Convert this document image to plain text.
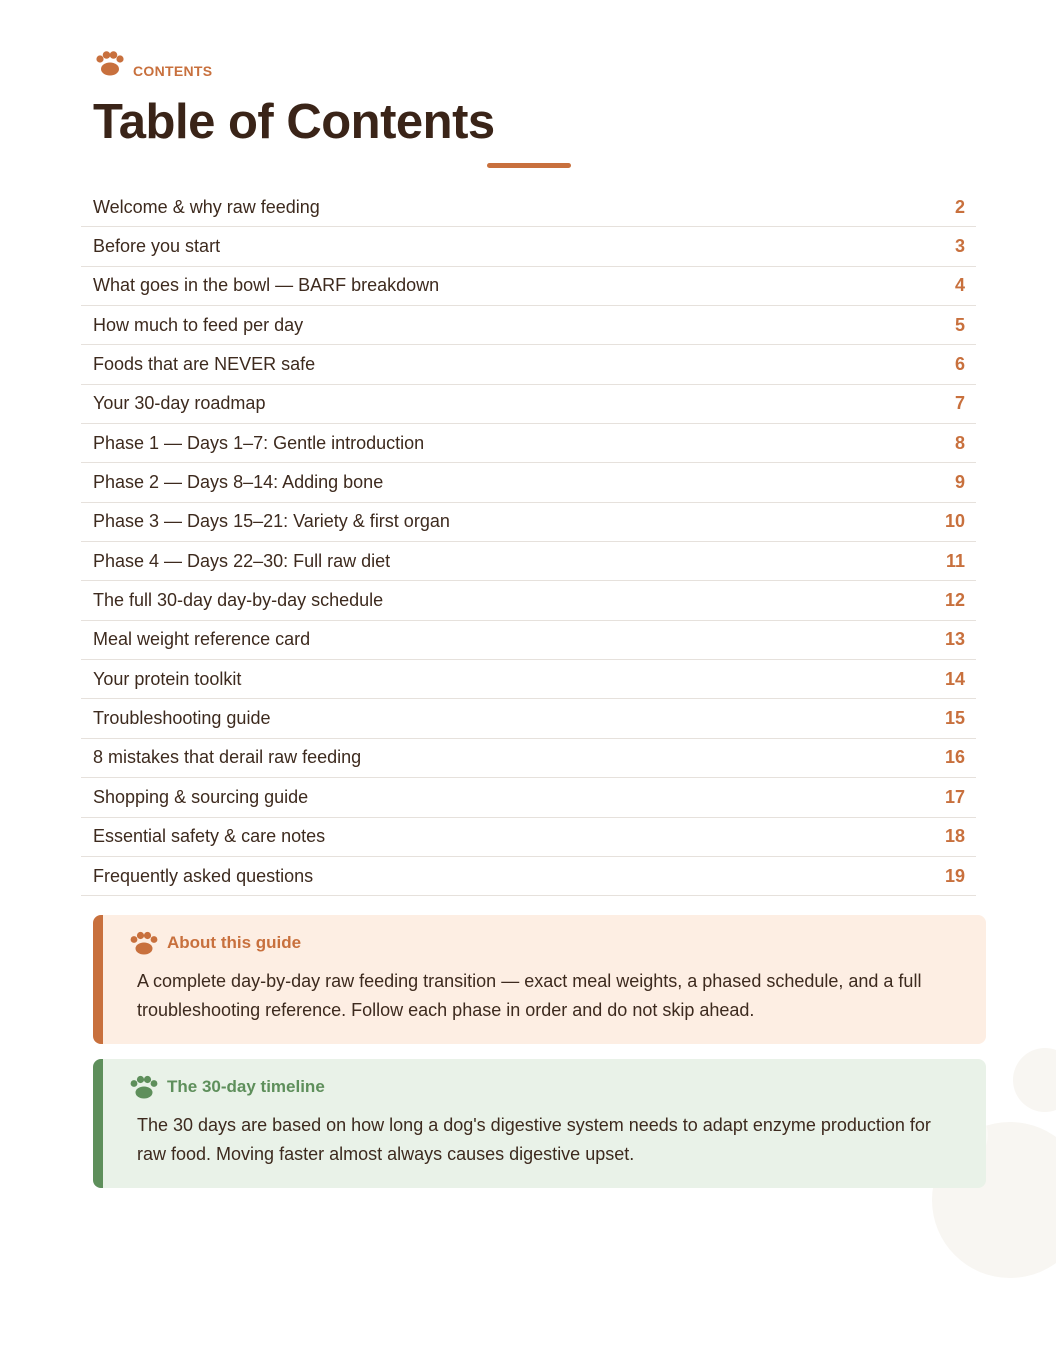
CONTENTS
Table of Contents
Welcome & why raw feeding	2
Before you start	3
What goes in the bowl — BARF breakdown	4
How much to feed per day	5
Foods that are NEVER safe	6
Your 30-day roadmap	7
Phase 1 — Days 1–7: Gentle introduction	8
Phase 2 — Days 8–14: Adding bone	9
Phase 3 — Days 15–21: Variety & first organ	10
Phase 4 — Days 22–30: Full raw diet	11
The full 30-day day-by-day schedule	12
Meal weight reference card	13
Your protein toolkit	14
Troubleshooting guide	15
8 mistakes that derail raw feeding	16
Shopping & sourcing guide	17
Essential safety & care notes	18
Frequently asked questions	19
About this guide
A complete day-by-day raw feeding transition — exact meal weights, a phased schedule, and a full troubleshooting reference. Follow each phase in order and do not skip ahead.
The 30-day timeline
The 30 days are based on how long a dog's digestive system needs to adapt enzyme production for raw food. Moving faster almost always causes digestive upset.
